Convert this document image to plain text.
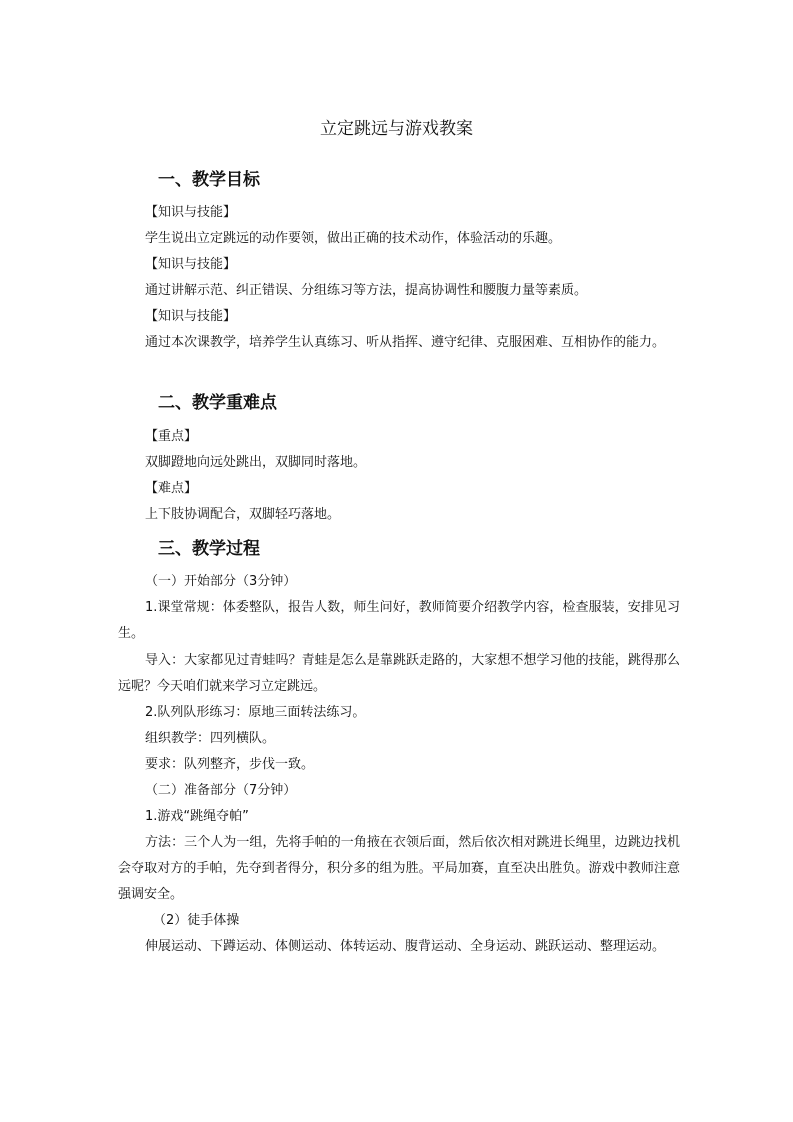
立定跳远与游戏教案
一、教学目标
【知识与技能】
学生说出立定跳远的动作要领，做出正确的技术动作，体验活动的乐趣。
【知识与技能】
通过讲解示范、纠正错误、分组练习等方法，提高协调性和腰腹力量等素质。
【知识与技能】
通过本次课教学，培养学生认真练习、听从指挥、遵守纪律、克服困难、互相协作的能力。
二、教学重难点
【重点】
双脚蹬地向远处跳出，双脚同时落地。
【难点】
上下肢协调配合，双脚轻巧落地。
三、教学过程
（一）开始部分（3分钟）
1.课堂常规：体委整队，报告人数，师生问好，教师简要介绍教学内容，检查服装，安排见习生。
导入：大家都见过青蛙吗？青蛙是怎么是靠跳跃走路的，大家想不想学习他的技能，跳得那么远呢？今天咱们就来学习立定跳远。
2.队列队形练习：原地三面转法练习。
组织教学：四列横队。
要求：队列整齐，步伐一致。
（二）准备部分（7分钟）
1.游戏“跳绳夺帕”
方法：三个人为一组，先将手帕的一角掖在衣领后面，然后依次相对跳进长绳里，边跳边找机会夺取对方的手帕，先夺到者得分，积分多的组为胜。平局加赛，直至决出胜负。游戏中教师注意强调安全。
（2）徒手体操
伸展运动、下蹲运动、体侧运动、体转运动、腹背运动、全身运动、跳跃运动、整理运动。
